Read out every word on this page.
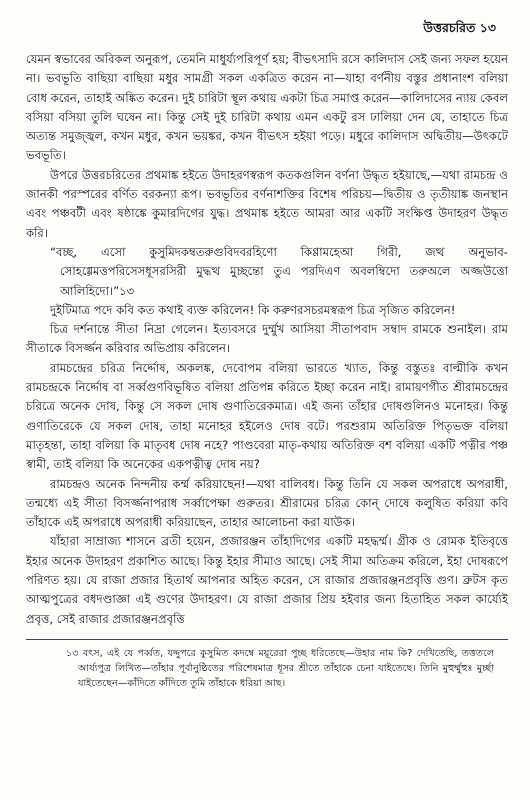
উত্তরচরিত ১৩

যেমন স্বভাবের অবিকল অনুরূপ, তেমনি মাধুর্য্যপরিপূর্ণ হয়; বীভৎসাদি রসে কালিদাস সেই জন্য সফল হয়েন না। ভবভূতি বাছিয়া বাছিয়া মধুর সামগ্রী সকল একত্রিত করেন না—যাহা বর্ণনীয় বস্তুর প্রধানাংশ বলিয়া বোধ করেন, তাহাই অঙ্কিত করেন। দুই চারিটা স্থূল কথায় একটা চিত্র সমাপ্ত করেন—কালিদাসের ন্যায় কেবল বসিয়া বসিয়া তুলি ঘষেন না। কিন্তু সেই দুই চারিটা কথায় এমন একটু রস ঢালিয়া দেন যে, তাহাতে চিত্র অত্যন্ত সমুজ্জ্বল, কখন মধুর, কখন ভয়ঙ্কর, কখন বীভৎস হইয়া পড়ে। মধুরে কালিদাস অদ্বিতীয়—উৎকটে ভবভূতি।

উপরে উত্তরচরিতের প্রথমাঙ্ক হইতে উদাহরণস্বরূপ কতকগুলিন বর্ণনা উদ্ধৃত হইয়াছে,—যথা রামচন্দ্র ও জানকী পরস্পরের বর্ণিত বরকন্যা রূপ। ভবভূতির বর্ণনাশক্তির বিশেষ পরিচয়—দ্বিতীয় ও তৃতীয়াঙ্ক জনস্থান এবং পঞ্চবটী এবং ষষ্ঠাঙ্কে কুমারদিগের যুদ্ধ। প্রথমাঙ্ক হইতে আমরা আর একটি সংক্ষিপ্ত উদাহরণ উদ্ধৃত করি।

“বচ্ছ, এসো কুসুমিদকম্বতরুগুবিদবরহিণো কিণ্ণামহেআ গিরী, জত্থ অনুভাব-সোহগ্গেমত্তপরিসেসধূসরসিরী মুদ্ধত্থ মুচ্ছন্তো তুএ পরদিএণ অবলম্বিদো তরুঅলে অজ্জউত্তো আলিহিদো।”১৩

দুইটিমাত্র পদে কবি কত কথাই ব্যক্ত করিলেন! কি করুণরসচরমস্বরূপ চিত্র সৃজিত করিলেন!

চিত্র দর্শনান্তে সীতা নিদ্রা গেলেন। ইত্যবসরে দুর্ম্মুখ আসিয়া সীতাপবাদ সম্বাদ রামকে শুনাইল। রাম সীতাকে বিসর্জ্জন করিবার অভিপ্রায় করিলেন।

রামচন্দ্রের চরিত্র নির্দ্দোষ, অকলঙ্ক, দেবোপম বলিয়া ভারতে খ্যাত, কিন্তু বস্তুতঃ বাল্মীকি কখন রামচন্দ্রকে নির্দ্দোষ বা সর্ব্বগুণবিভূষিত বলিয়া প্রতিপন্ন করিতে ইচ্ছা করেন নাই। রামায়ণগীত শ্রীরামচন্দ্রের চরিত্রে অনেক দোষ, কিন্তু সে সকল দোষ গুণাতিরেকমাত্র। এই জন্য তাঁহার দোষগুলিনও মনোহর। কিন্তু গুণাতিরেকে যে সকল দোষ, তাহা মনোহর হইলেও দোষ বটে। পরশুরাম অতিরিক্ত পিতৃভক্ত বলিয়া মাতৃহন্তা, তাহা বলিয়া কি মাতৃবধ দোষ নহে? পাণ্ডবেরা মাতৃ-কথায় অতিরিক্ত বশ বলিয়া একটি পত্নীর পঞ্চ স্বামী, তাই বলিয়া কি অনেকের একপত্নীত্ব দোষ নয়?

রামচন্দ্রও অনেক নিন্দনীয় কর্ম্ম করিয়াছেন!—যথা বালিবধ। কিন্তু তিনি যে সকল অপরাধে অপরাধী, তন্মধ্যে এই সীতা বিসর্জ্জনাপরাধ সর্ব্বাপেক্ষা গুরুতর। শ্রীরামের চরিত্র কোন্ দোষে কলুষিত করিয়া কবি তাঁহাকে এই অপরাধে অপরাধী করিয়াছেন, তাহার আলোচনা করা যাউক।

যাঁহারা সাম্রাজ্য শাসনে ব্রতী হয়েন, প্রজারঞ্জন তাঁহাদিগের একটি মহদ্ধর্ম্ম। গ্রীক ও রোমক ইতিবৃত্তে ইহার অনেক উদাহরণ প্রকাশিত আছে। কিন্তু ইহার সীমাও আছে। সেই সীমা অতিক্রম করিলে, ইহা দোষরূপে পরিণত হয়। যে রাজা প্রজার হিতার্থ আপনার অহিত করেন, সে রাজার প্রজারঞ্জনপ্রবৃত্তি গুণ। ব্রুটস কৃত আত্মপুত্রের বধদণ্ডাজ্ঞা এই গুণের উদাহরণ। যে রাজা প্রজার প্রিয় হইবার জন্য হিতাহিত সকল কার্য্যেই প্রবৃত্ত, সেই রাজার প্রজারঞ্জনপ্রবৃত্তি

১৩ বৎস, এই যে পর্ব্বত, যদ্দুপরে কুসুমিত কদম্বে ময়ূরেরা পুচ্ছ ধরিতেছে—উহার নাম কি? দেখিতেছি, তত্ততলে আর্য্যপুত্র লিখিত—তাঁহার পূর্বানুষ্ঠিতের পরিশেষমাত্র ধূসর শ্রীতে তাঁহাকে চেনা যাইতেছে। তিনি মুহুর্ম্মুহুঃ মুর্চ্ছা যাইতেছেন—কাঁদিতে কাঁদিতে তুমি তাঁহাকে ধরিয়া আছ।
